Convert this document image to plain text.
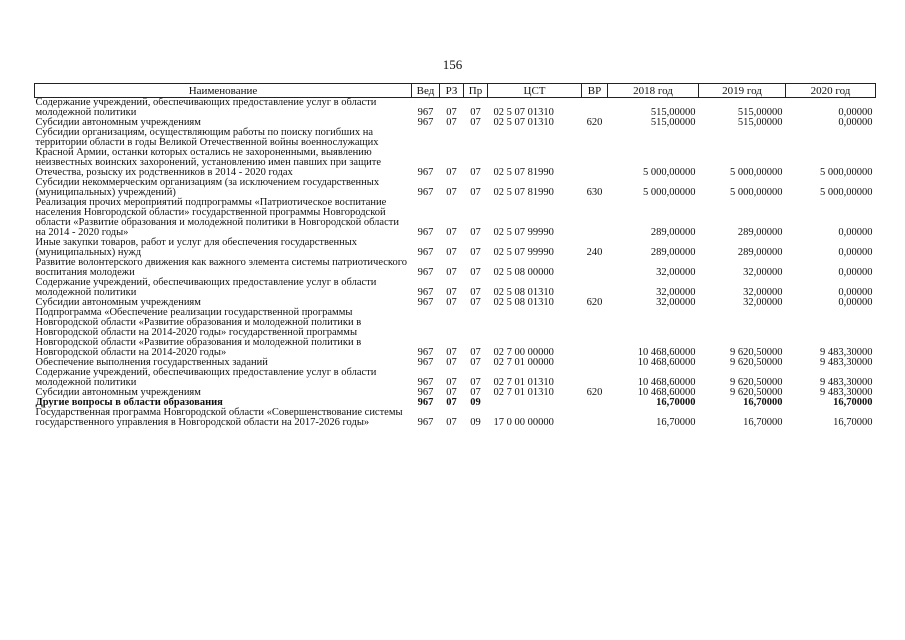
156
Наименование	Вед	РЗ	Пр	ЦСТ	ВР	2018 год	2019 год	2020 год
Содержание учреждений, обеспечивающих предоставление услуг в области молодежной политики	967	07	07	02 5 07 01310		515,00000	515,00000	0,00000
Субсидии автономным учреждениям	967	07	07	02 5 07 01310	620	515,00000	515,00000	0,00000
Субсидии организациям, осуществляющим работы по поиску погибших на территории области в годы Великой Отечественной войны военнослужащих Красной Армии, останки которых остались не захороненными, выявлению неизвестных воинских захоронений, установлению имен павших при защите Отечества, розыску их родственников в 2014 - 2020 годах	967	07	07	02 5 07 81990		5 000,00000	5 000,00000	5 000,00000
Субсидии некоммерческим организациям (за исключением государственных (муниципальных) учреждений)	967	07	07	02 5 07 81990	630	5 000,00000	5 000,00000	5 000,00000
Реализация прочих мероприятий подпрограммы «Патриотическое воспитание населения Новгородской области» государственной программы Новгородской области «Развитие образования и молодежной политики в Новгородской области на 2014 - 2020 годы»	967	07	07	02 5 07 99990		289,00000	289,00000	0,00000
Иные закупки товаров, работ и услуг для обеспечения государственных (муниципальных) нужд	967	07	07	02 5 07 99990	240	289,00000	289,00000	0,00000
Развитие волонтерского движения как важного элемента системы патриотического воспитания молодежи	967	07	07	02 5 08 00000		32,00000	32,00000	0,00000
Содержание учреждений, обеспечивающих предоставление услуг в области молодежной политики	967	07	07	02 5 08 01310		32,00000	32,00000	0,00000
Субсидии автономным учреждениям	967	07	07	02 5 08 01310	620	32,00000	32,00000	0,00000
Подпрограмма «Обеспечение реализации государственной программы Новгородской области «Развитие образования и молодежной политики в Новгородской области на 2014-2020 годы» государственной программы Новгородской области «Развитие образования и молодежной политики в Новгородской области на 2014-2020 годы»	967	07	07	02 7 00 00000		10 468,60000	9 620,50000	9 483,30000
Обеспечение выполнения государственных заданий	967	07	07	02 7 01 00000		10 468,60000	9 620,50000	9 483,30000
Содержание учреждений, обеспечивающих предоставление услуг в области молодежной политики	967	07	07	02 7 01 01310		10 468,60000	9 620,50000	9 483,30000
Субсидии автономным учреждениям	967	07	07	02 7 01 01310	620	10 468,60000	9 620,50000	9 483,30000
Другие вопросы в области образования	967	07	09			16,70000	16,70000	16,70000
Государственная программа Новгородской области «Совершенствование системы государственного управления в Новгородской области на 2017-2026 годы»	967	07	09	17 0 00 00000		16,70000	16,70000	16,70000
